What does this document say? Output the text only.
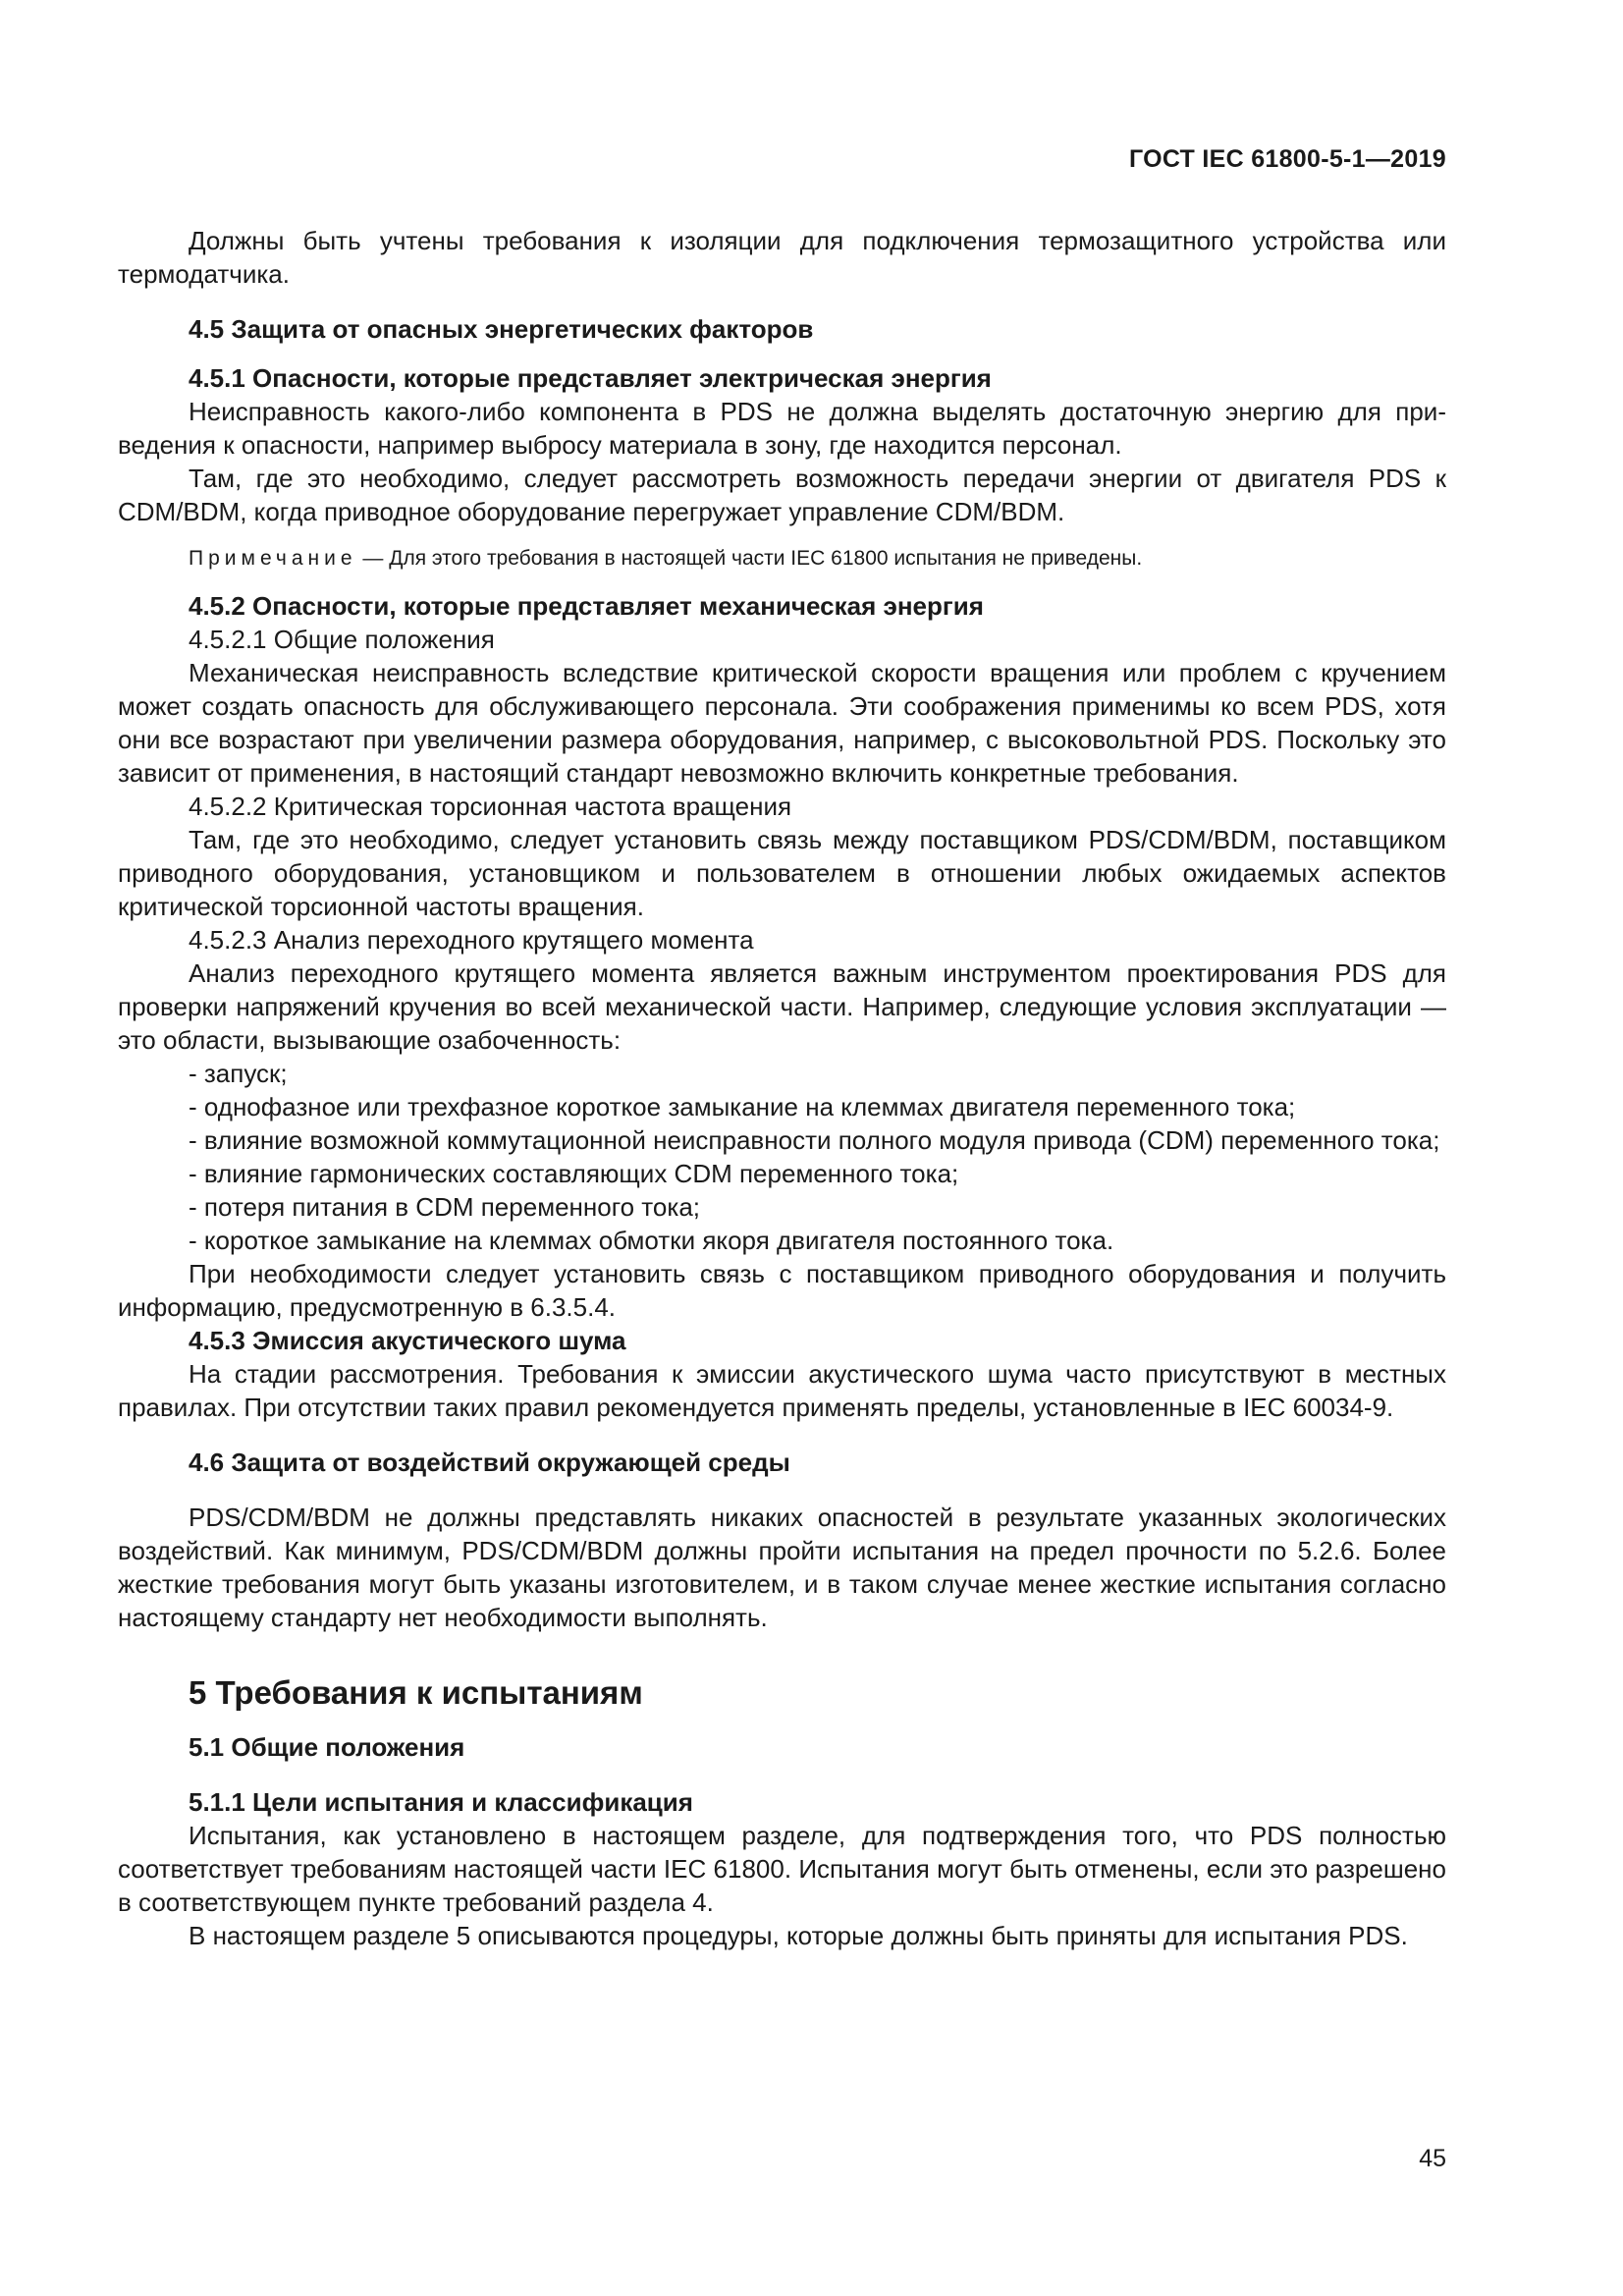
ГОСТ IEC 61800-5-1—2019

Должны быть учтены требования к изоляции для подключения термозащитного устройства или термодатчика.

4.5 Защита от опасных энергетических факторов

4.5.1 Опасности, которые представляет электрическая энергия

Неисправность какого-либо компонента в PDS не должна выделять достаточную энергию для приведения к опасности, например выбросу материала в зону, где находится персонал.

Там, где это необходимо, следует рассмотреть возможность передачи энергии от двигателя PDS к CDM/BDM, когда приводное оборудование перегружает управление CDM/BDM.

Примечание — Для этого требования в настоящей части IEC 61800 испытания не приведены.

4.5.2 Опасности, которые представляет механическая энергия

4.5.2.1 Общие положения

Механическая неисправность вследствие критической скорости вращения или проблем с кручением может создать опасность для обслуживающего персонала. Эти соображения применимы ко всем PDS, хотя они все возрастают при увеличении размера оборудования, например, с высоковольтной PDS. Поскольку это зависит от применения, в настоящий стандарт невозможно включить конкретные требования.

4.5.2.2 Критическая торсионная частота вращения

Там, где это необходимо, следует установить связь между поставщиком PDS/CDM/BDM, поставщиком приводного оборудования, установщиком и пользователем в отношении любых ожидаемых аспектов критической торсионной частоты вращения.

4.5.2.3 Анализ переходного крутящего момента

Анализ переходного крутящего момента является важным инструментом проектирования PDS для проверки напряжений кручения во всей механической части. Например, следующие условия эксплуатации — это области, вызывающие озабоченность:

- запуск;

- однофазное или трехфазное короткое замыкание на клеммах двигателя переменного тока;

- влияние возможной коммутационной неисправности полного модуля привода (CDM) переменного тока;

- влияние гармонических составляющих CDM переменного тока;

- потеря питания в CDM переменного тока;

- короткое замыкание на клеммах обмотки якоря двигателя постоянного тока.

При необходимости следует установить связь с поставщиком приводного оборудования и получить информацию, предусмотренную в 6.3.5.4.

4.5.3 Эмиссия акустического шума

На стадии рассмотрения. Требования к эмиссии акустического шума часто присутствуют в местных правилах. При отсутствии таких правил рекомендуется применять пределы, установленные в IEC 60034-9.

4.6 Защита от воздействий окружающей среды

PDS/CDM/BDM не должны представлять никаких опасностей в результате указанных экологических воздействий. Как минимум, PDS/CDM/BDM должны пройти испытания на предел прочности по 5.2.6. Более жесткие требования могут быть указаны изготовителем, и в таком случае менее жесткие испытания согласно настоящему стандарту нет необходимости выполнять.

5 Требования к испытаниям

5.1 Общие положения

5.1.1 Цели испытания и классификация

Испытания, как установлено в настоящем разделе, для подтверждения того, что PDS полностью соответствует требованиям настоящей части IEC 61800. Испытания могут быть отменены, если это разрешено в соответствующем пункте требований раздела 4.

В настоящем разделе 5 описываются процедуры, которые должны быть приняты для испытания PDS.

45
